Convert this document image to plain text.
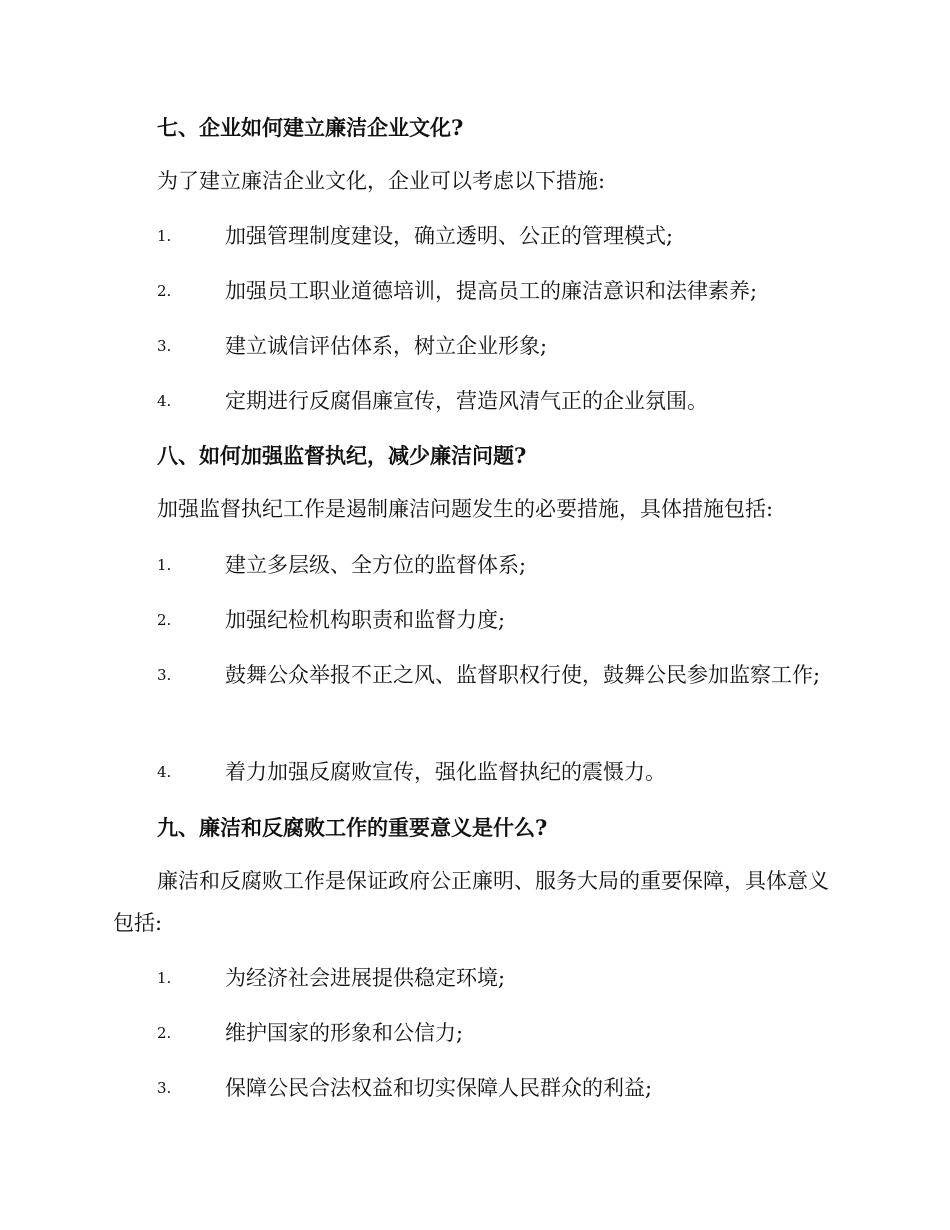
七、企业如何建立廉洁企业文化?
为了建立廉洁企业文化，企业可以考虑以下措施:
1.	加强管理制度建设，确立透明、公正的管理模式;
2.	加强员工职业道德培训，提高员工的廉洁意识和法律素养;
3.	建立诚信评估体系，树立企业形象;
4.	定期进行反腐倡廉宣传，营造风清气正的企业氛围。
八、如何加强监督执纪，减少廉洁问题?
加强监督执纪工作是遏制廉洁问题发生的必要措施，具体措施包括:
1.	建立多层级、全方位的监督体系;
2.	加强纪检机构职责和监督力度;
3.	鼓舞公众举报不正之风、监督职权行使，鼓舞公民参加监察工作;
4.	着力加强反腐败宣传，强化监督执纪的震慑力。
九、廉洁和反腐败工作的重要意义是什么?
廉洁和反腐败工作是保证政府公正廉明、服务大局的重要保障，具体意义包括:
1.	为经济社会进展提供稳定环境;
2.	维护国家的形象和公信力;
3.	保障公民合法权益和切实保障人民群众的利益;
